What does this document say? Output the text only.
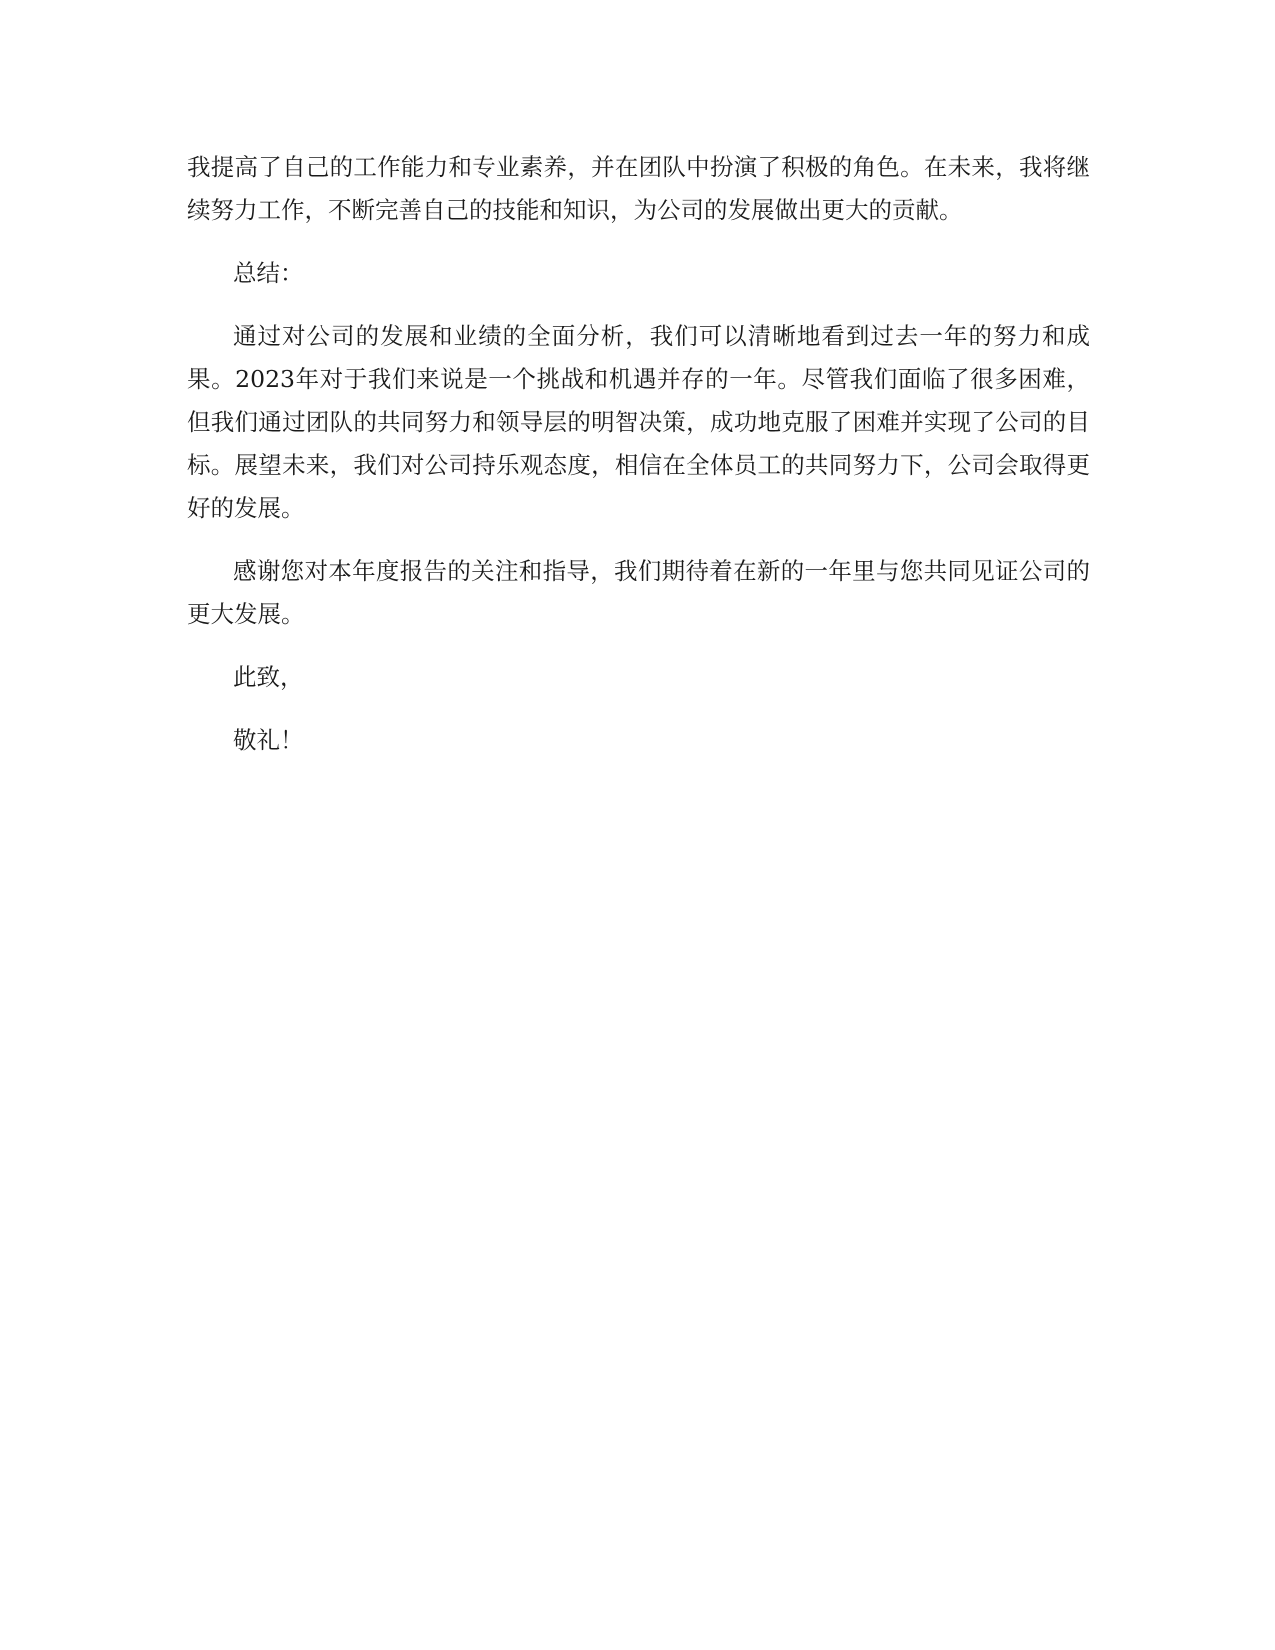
我提高了自己的工作能力和专业素养，并在团队中扮演了积极的角色。在未来，我将继续努力工作，不断完善自己的技能和知识，为公司的发展做出更大的贡献。

总结：

通过对公司的发展和业绩的全面分析，我们可以清晰地看到过去一年的努力和成果。2023年对于我们来说是一个挑战和机遇并存的一年。尽管我们面临了很多困难，但我们通过团队的共同努力和领导层的明智决策，成功地克服了困难并实现了公司的目标。展望未来，我们对公司持乐观态度，相信在全体员工的共同努力下，公司会取得更好的发展。

感谢您对本年度报告的关注和指导，我们期待着在新的一年里与您共同见证公司的更大发展。

此致，

敬礼！
